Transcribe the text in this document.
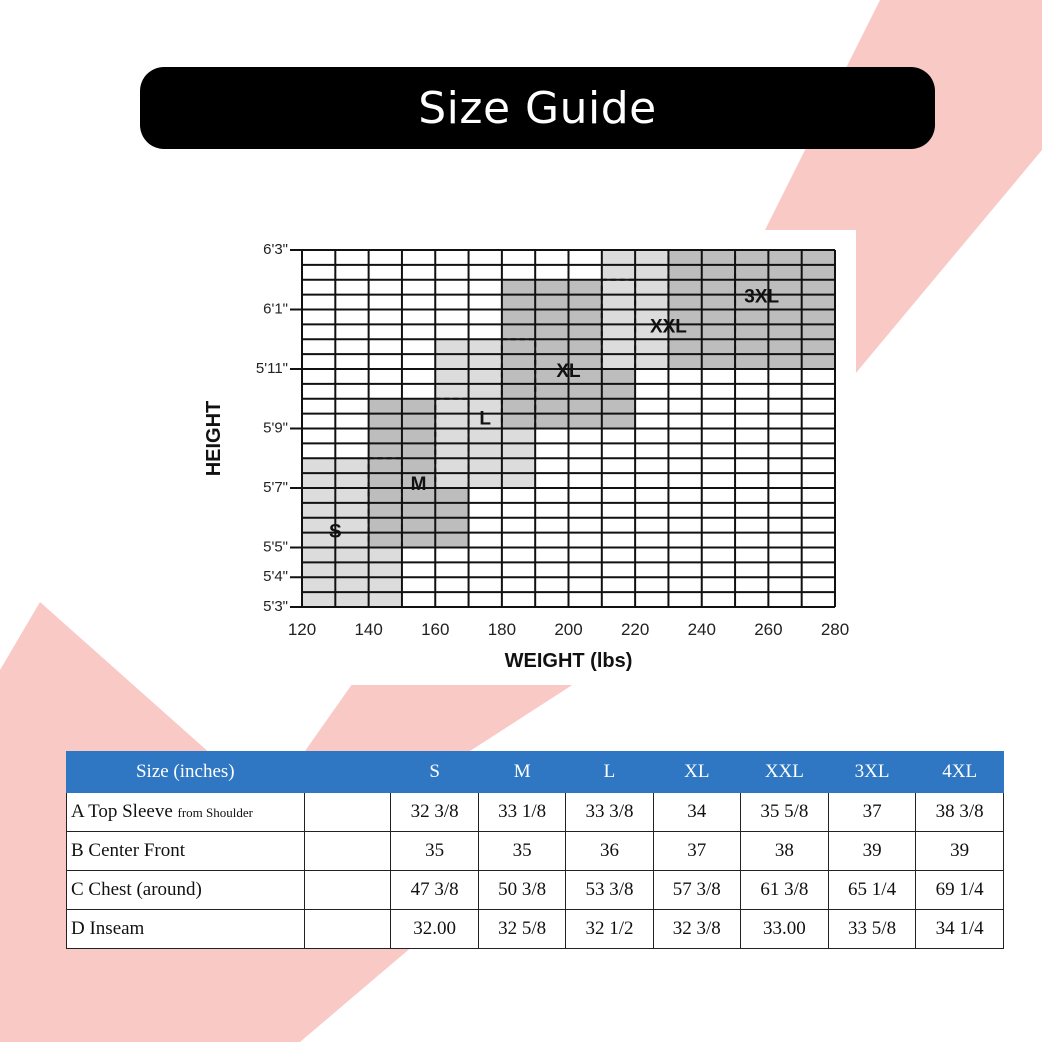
Size Guide
S
M
L
XL
XXL
3XL
6'3"
6'1"
5'11"
5'9"
5'7"
5'5"
5'4"
5'3"
120 140 160 180 200 220 240 260 280
WEIGHT (lbs)
HEIGHT
Size (inches)		S	M	L	XL	XXL	3XL	4XL
A Top Sleeve from Shoulder		32 3/8	33 1/8	33 3/8	34	35 5/8	37	38 3/8
B Center Front		35	35	36	37	38	39	39
C Chest (around)		47 3/8	50 3/8	53 3/8	57 3/8	61 3/8	65 1/4	69 1/4
D Inseam		32.00	32 5/8	32 1/2	32 3/8	33.00	33 5/8	34 1/4
